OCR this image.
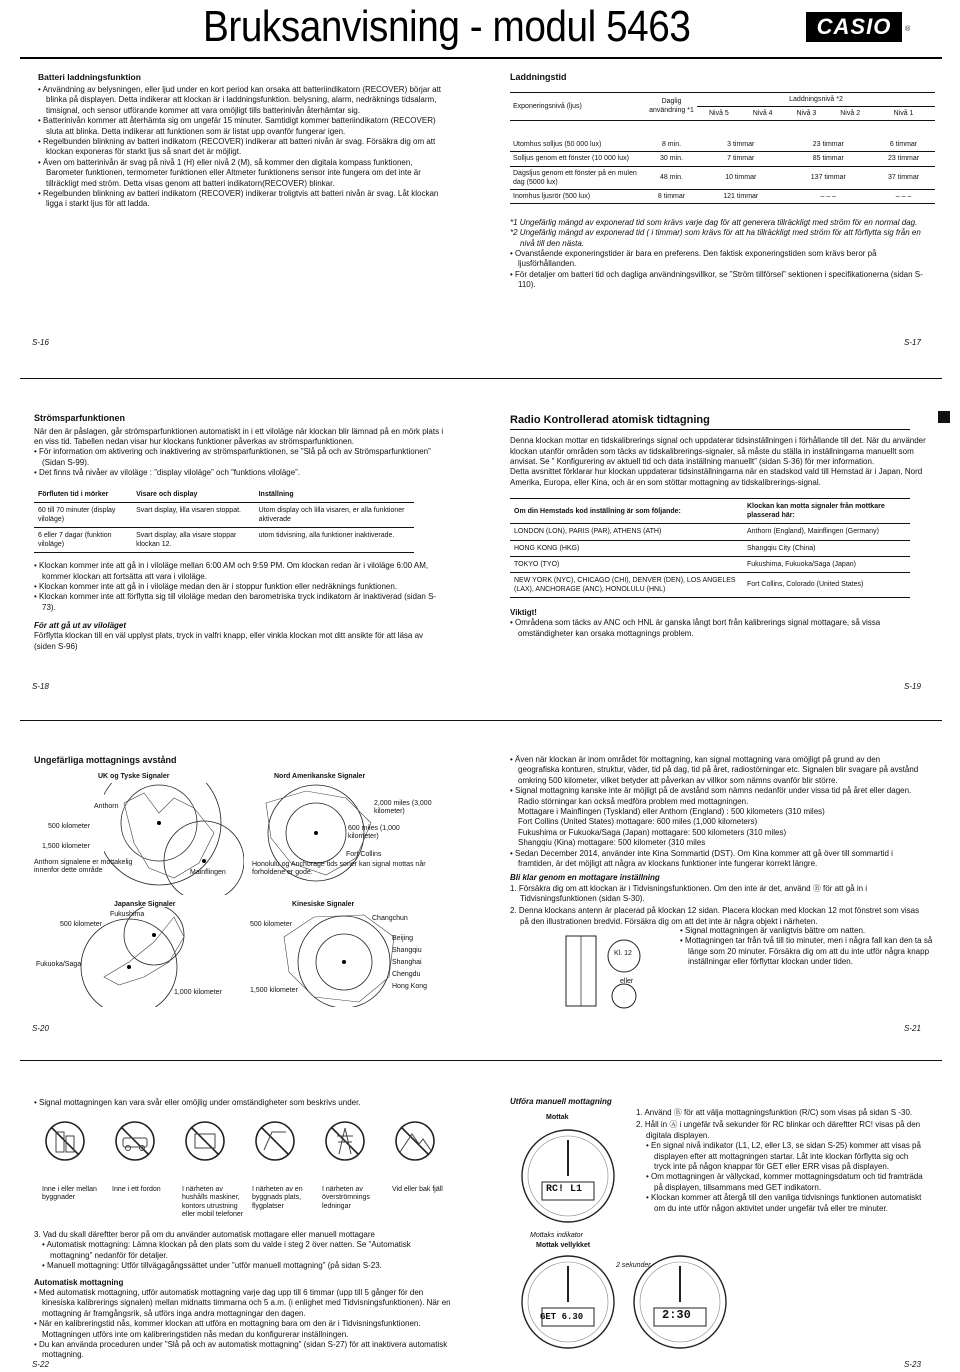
Bruksanvisning - modul 5463	CASIO	®
Batteri laddningsfunktion

• Användning av belysningen, eller ljud under en kort period kan orsaka att batteriindikatorn (RECOVER) börjar att blinka på displayen. Detta indikerar att klockan är i laddningsfunktion. belysning, alarm, nedräknings tidsalarm, timsignal, och sensor utförande kommer att vara omöjligt tills batterinivån återhämtar sig.

• Batterinivån kommer att återhämta sig om ungefär 15 minuter. Samtidigt kommer batteriindikatorn (RECOVER) sluta att blinka. Detta indikerar att funktionen som är listat upp ovanför fungerar igen.

• Regelbunden blinkning av batteri indikatorn (RECOVER) indikerar att batteri nivån är svag. Försäkra dig om att klockan exponeras för starkt ljus så snart det är möjligt.

• Även om batterinivån är svag på nivå 1 (H) eller nivå 2 (M), så kommer den digitala kompass funktionen, Barometer funktionen, termometer funktionen eller Altmeter funktionens sensor inte fungera om det inte är tillräckligt med ström. Detta visas genom att batteri indikatorn(RECOVER) blinkar.

• Regelbunden blinkning av batteri indikatorn (RECOVER) indikerar troligtvis att batteri nivån är svag. Låt klockan ligga i starkt ljus för att ladda.

S-16
Laddningstid
Exponeringsnivå (ljus)	Daglig användning *1	Laddningsnivå *2				
		Nivå 5	Nivå 4	Nivå 3	Nivå 2	Nivå 1

Utomhus solljus (50 000 lux)	8 min.	3 timmar		23 timmar		6 timmar
Solljus genom ett fönster (10 000 lux)	30 min.	7 timmar		85 timmar		23 timmar
Dagsljus genom ett fönster på en mulen dag (5000 lux)	48 min.	10 timmar		137 timmar		37 timmar
Inomhus ljusrör (500 lux)	8 timmar	121 timmar		– – –		– – –

*1 Ungefärlig mängd av exponerad tid som krävs varje dag för att generera tillräckligt med ström för en normal dag.

*2 Ungefärlig mängd av exponerad tid ( i timmar) som krävs för att ha tillräckligt med ström för att förflytta sig från en nivå till den nästa.

• Ovanstående exponeringstider är bara en preferens. Den faktisk exponeringstiden som krävs beror på ljusförhållanden.

• För detaljer om batteri tid och dagliga användningsvillkor, se ”Ström tillförsel” sektionen i specifikationerna (sidan S-110).

S-17
Strömsparfunktionen

När den är påslagen, går strömsparfunktionen automatiskt in i ett viloläge när klockan blir lämnad på en mörk plats i en viss tid. Tabellen nedan visar hur klockans funktioner påverkas av strömsparfunktionen.

• För information om aktivering och inaktivering av strömsparfunktionen, se ”Slå på och av Strömsparfunktionen” (Sidan S-99).

• Det finns två nivåer av viloläge : ”display viloläge” och ”funktions viloläge”.

Förfluten tid i mörker	Visare och display	Inställning
60 till 70 minuter (display viloläge)	Svart display, lilla visaren stoppat.	Utom display och lilla visaren, er alla funktioner aktiverade
6 eller 7 dagar (funktion viloläge)	Svart display, alla visare stoppar klockan 12.	utom tidvisning, alla funktioner inaktiverade.

• Klockan kommer inte att gå in i viloläge mellan 6:00 AM och 9:59 PM. Om klockan redan är i viloläge 6:00 AM, kommer klockan att fortsätta att vara i viloläge.

• Klockan kommer inte att gå in i viloläge medan den är i stoppur funktion eller nedräknings funktionen.

• Klockan kommer inte att förflytta sig till viloläge medan den barometriska tryck indikatorn är inaktiverad (sidan S-73).

För att gå ut av viloläget

Förflytta klockan till en väl upplyst plats, tryck in valfri knapp, eller vinkla klockan mot ditt ansikte för att läsa av (siden S-96)

S-18
Radio Kontrollerad atomisk tidtagning

Denna klockan mottar en tidskalibrerings signal och uppdaterar tidsinställningen i förhållande till det. När du använder klockan utanför områden som täcks av tidskalibrerings-signaler, så måste du ställa in inställningarna manuellt som anvisat. Se ” Konfigurering av aktuell tid och data inställning manuellt” (sidan S-36) för mer information.

Detta avsnittet förklarar hur klockan uppdaterar tidsinställningarna när en stadskod vald till Hemstad är i Japan, Nord Amerika, Europa, eller Kina, och är en som stöttar mottagning av tidskalibrerings-signal.

Om din Hemstads kod inställning är som följande:	Klockan kan motta signaler från mottkare plasserad här:
LONDON (LON), PARIS (PAR), ATHENS (ATH)	Anthorn (England), Mainflingen (Germany)
HONG KONG (HKG)	Shangqiu City (China)
TOKYO (TYO)	Fukushima, Fukuoka/Saga (Japan)
NEW YORK (NYC), CHICAGO (CHI), DENVER (DEN), LOS ANGELES (LAX), ANCHORAGE (ANC), HONOLULU (HNL)	Fort Collins, Colorado (United States)
Viktigt!

• Områdena som täcks av ANC och HNL är ganska långt bort från kalibrerings signal mottagare, så vissa omständigheter kan orsaka mottagnings problem.

S-19
Ungefärliga mottagnings avstånd
UK og Tyske Signaler
Anthorn
500 kilometer
1,500 kilometer
Anthorn signalene er mottakelig innenfor dette område	Mainflingen
Nord Amerikanske Signaler
2,000 miles (3,000 kilometer)
600 miles (1,000 kilometer)
Fort Collins
Honolulu og Anchorage tids soner kan signal mottas når forholdene er gode.
Japanske Signaler
Fukushima
500 kilometer
Fukuoka/Saga
1,000 kilometer
Kinesiske Signaler
500 kilometer
Changchun
Beijing
Shangqiu
Shanghai
Chengdu
Hong Kong
1,500 kilometer
S-20

• Även när klockan är inom området för mottagning, kan signal mottagning vara omöjligt på grund av den geografiska konturen, struktur, väder, tid på dag, tid på året, radiostörningar etc. Signalen blir svagare på avstånd omkring 500 kilometer, vilket betyder att påverkan av villkor som nämns ovanför blir större.

• Signal mottagning kanske inte är möjligt på de avstånd som nämns nedanför under vissa tid på året eller dagen. Radio störningar kan också medföra problem med mottagningen.

Mottagare i Mainflingen (Tyskland) eller Anthorn (England) : 500 kilometers (310 miles)

Fort Collins (United States) mottagare: 600 miles (1,000 kilometers)

Fukushima or Fukuoka/Saga (Japan) mottagare: 500 kilometers (310 miles)

Shangqiu (Kina) mottagare: 500 kilometer (310 miles

• Sedan December 2014, använder inte Kina Sommartid (DST). Om Kina kommer att gå över till sommartid i framtiden, är det möjligt att några av klockans funktioner inte fungerar korrekt längre.

Bli klar genom en mottagare inställning

1. Försäkra dig om att klockan är i Tidvisningsfunktionen. Om den inte är det, använd Ⓑ för att gå in i Tidvisningsfunktionen (sidan S-30).

2. Denna klockans antenn är placerad på klockan 12 sidan. Placera klockan med klockan 12 mot fönstret som visas på den illustrationen bredvid. Försäkra dig om att det inte är några objekt i närheten.

Kl. 12
eller

• Signal mottagningen är vanligtvis bättre om natten.

• Mottagningen tar från två till tio minuter, men i några fall kan den ta så länge som 20 minuter. Försäkra dig om att du inte utför några knapp inställningar eller förflyttar klockan under tiden.

S-21

• Signal mottagningen kan vara svår eller omöjlig under omständigheter som beskrivs under.

Inne i eller mellan byggnader
Inne i ett fordon	I närheten av hushålls maskiner, kontors utrustning eller mobil telefoner
I närheten av en byggnads plats, flygplatser
I närheten av överströmnings ledningar
Vid eller bak fjäll

3. Vad du skall däreftter beror på om du använder automatisk mottagare eller manuell mottagare

• Automatisk mottagning: Lämna klockan på den plats som du valde i steg 2 över natten. Se ”Automatisk mottagning” nedanför för detaljer.

• Manuell mottagning: Utför tillvägagångssättet under ”utför manuell mottagning” (på sidan S-23.

Automatisk mottagning

• Med automatisk mottagning, utför automatisk mottagning varje dag upp till 6 timmar (upp till 5 gånger för den kinesiska kalibrerings signalen) mellan midnatts timmarna och 5 a.m. (i enlighet med Tidvisningsfunktionen). När en mottagning är framgångsrik, så utförs inga andra mottagningar den dagen.

• När en kalibreringstid nås, kommer klockan att utföra en mottagning bara om den är i Tidvisningsfunktionen. Mottagningen utförs inte om kalibreringstiden nås medan du konfigurerar inställningen.

• Du kan använda proceduren under ”Slå på och av automatisk mottagning” (sidan S-27) för att inaktivera automatisk mottagning.

S-22
Utföra manuell mottagning
Mottak
RC! L1
Mottaks indikator
Mottak vellykket
GET 6.30
2 sekunder
2:30

1. Använd Ⓑ för att välja mottagningsfunktion (R/C) som visas på sidan S -30.

2. Håll in Ⓐ i ungefär två sekunder för RC blinkar och däreftter RC! visas på den digitala displayen.

• En signal nivå indikator (L1, L2, eller L3, se sidan S-25) kommer att visas på displayen efter att mottagningen startar. Låt inte klockan förflytta sig och tryck inte på någon knappar för GET eller ERR visas på displayen.

• Om mottagningen är vällyckad, kommer mottagningsdatum och tid framträda på displayen, tillsammans med GET indikatorn.

• Klockan kommer att återgå till den vanliga tidvisnings funktionen automatiskt om du inte utför någon aktivitet under ungefär två eller tre minuter.

S-23
